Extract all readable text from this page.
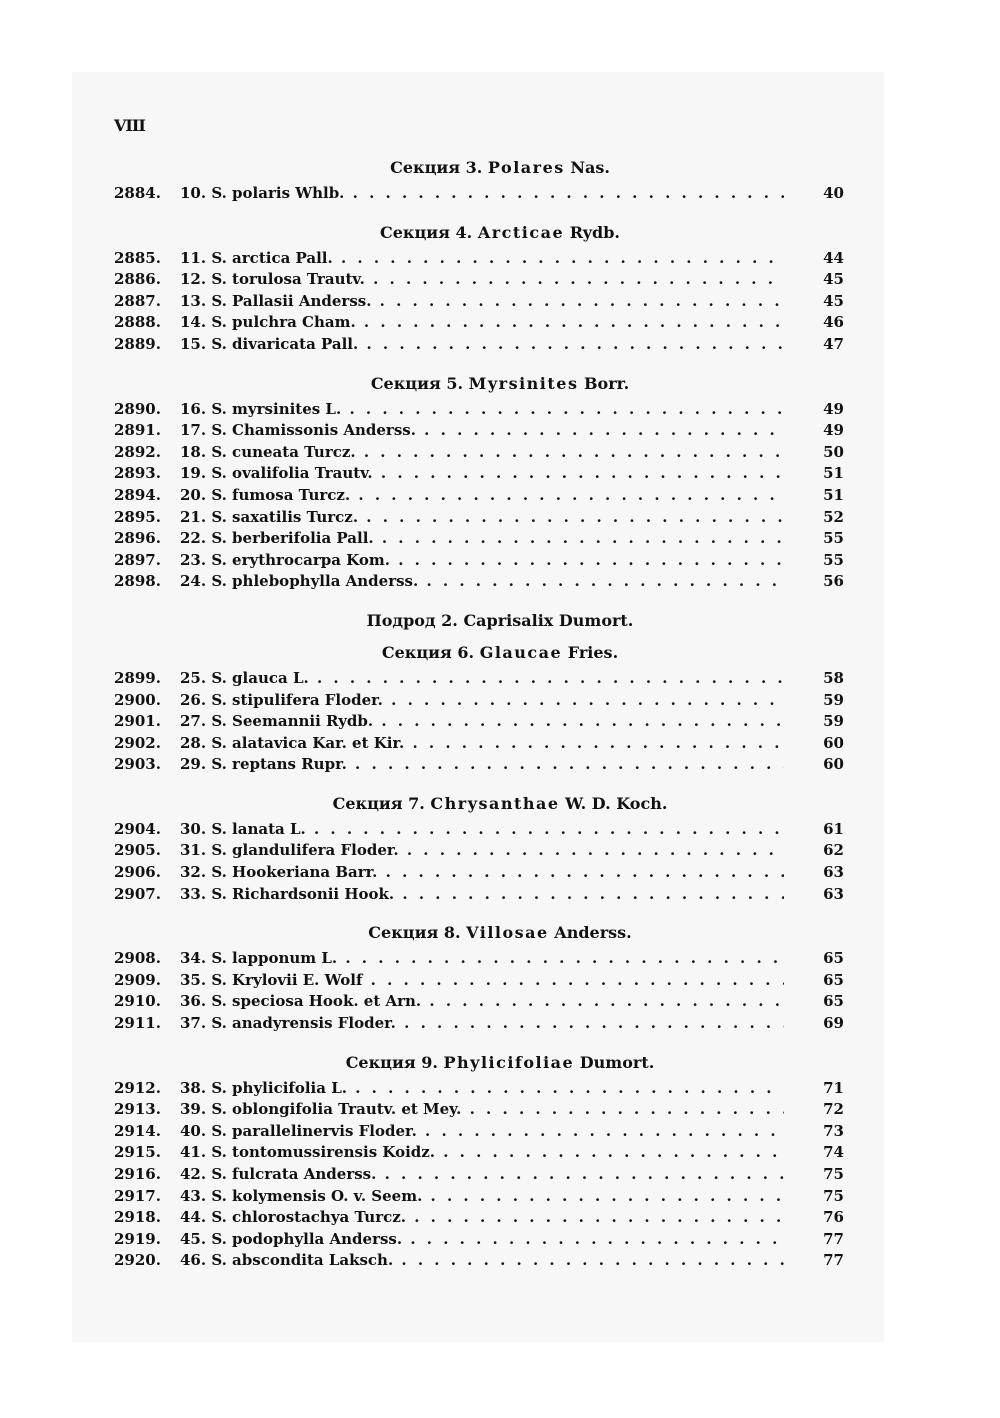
VIII
Секция 3. Polares Nas.
2884.	10. S. polaris Whlb. . . .	40
Секция 4. Arcticae Rydb.
2885.	11. S. arctica Pall. . . .	44
2886.	12. S. torulosa Trautv. . . .	45
2887.	13. S. Pallasii Anderss. . . .	45
2888.	14. S. pulchra Cham. . . .	46
2889.	15. S. divaricata Pall. . . .	47
Секция 5. Myrsinites Borr.
2890.	16. S. myrsinites L. . . .	49
2891.	17. S. Chamissonis Anderss. . . .	49
2892.	18. S. cuneata Turcz. . . .	50
2893.	19. S. ovalifolia Trautv. . . .	51
2894.	20. S. fumosa Turcz. . . .	51
2895.	21. S. saxatilis Turcz. . . .	52
2896.	22. S. berberifolia Pall. . . .	55
2897.	23. S. erythrocarpa Kom. . . .	55
2898.	24. S. phlebophylla Anderss. . . .	56
Подрод 2. Caprisalix Dumort.
Секция 6. Glaucae Fries.
2899.	25. S. glauca L. . . .	58
2900.	26. S. stipulifera Floder. . . .	59
2901.	27. S. Seemannii Rydb. . . .	59
2902.	28. S. alatavica Kar. et Kir. . . .	60
2903.	29. S. reptans Rupr. . . .	60
Секция 7. Chrysanthae W. D. Koch.
2904.	30. S. lanata L. . . .	61
2905.	31. S. glandulifera Floder. . . .	62
2906.	32. S. Hookeriana Barr. . . .	63
2907.	33. S. Richardsonii Hook. . . .	63
Секция 8. Villosae Anderss.
2908.	34. S. lapponum L. . . .	65
2909.	35. S. Krylovii E. Wolf . . .	65
2910.	36. S. speciosa Hook. et Arn. . . .	65
2911.	37. S. anadyrensis Floder. . . .	69
Секция 9. Phylicifoliae Dumort.
2912.	38. S. phylicifolia L. . . .	71
2913.	39. S. oblongifolia Trautv. et Mey. . . .	72
2914.	40. S. parallelinervis Floder. . . .	73
2915.	41. S. tontomussirensis Koidz. . . .	74
2916.	42. S. fulcrata Anderss. . . .	75
2917.	43. S. kolymensis O. v. Seem. . . .	75
2918.	44. S. chlorostachya Turcz. . . .	76
2919.	45. S. podophylla Anderss. . . .	77
2920.	46. S. abscondita Laksch. . . .	77
